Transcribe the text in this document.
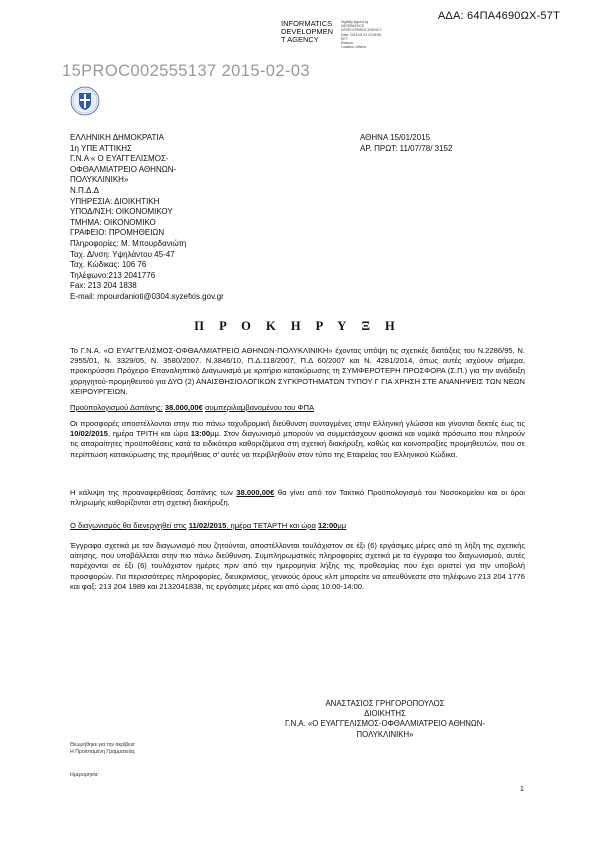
ΑΔΑ: 64ΠΑ4690ΩΧ-57Τ
INFORMATICS
DEVELOPMEN
T AGENCY
Digitally signed by
INFORMATICS
DEVELOPMENT AGENCY
Date: 2015.02.03 12:06:59
EET
Reason:
Location: Athens
15PROC002555137 2015-02-03
ΕΛΛΗΝΙΚΗ ΔΗΜΟΚΡΑΤΙΑ
1η ΥΠΕ ΑΤΤΙΚΗΣ
Γ.Ν.Α « Ο ΕΥΑΓΓΕΛΙΣΜΟΣ-
ΟΦΘΑΛΜΙΑΤΡΕΙΟ ΑΘΗΝΩΝ-
ΠΟΛΥΚΛΙΝΙΚΗ»
Ν.Π.Δ.Δ
ΥΠΗΡΕΣΙΑ: ΔΙΟΙΚΗΤΙΚΗ
ΥΠΟΔ/ΝΣΗ: ΟΙΚΟΝΟΜΙΚΟΥ
ΤΜΗΜΑ: ΟΙΚΟΝΟΜΙΚΟ
ΓΡΑΦΕΙΟ: ΠΡΟΜΗΘΕΙΩΝ
Πληροφορίες: Μ. Μπουρδανιώτη
Ταχ. Δ/νση: Υψηλάντου 45-47
Ταχ. Κώδικας: 106 76
Τηλέφωνο:213 2041776
Fax: 213 204 1838
E-mail: mpourdanioti@0304.syzefxis.gov.gr
ΑΘΗΝΑ 15/01/2015
ΑΡ. ΠΡΩΤ: 11/07/78/ 3152
Π Ρ Ο Κ Η Ρ Υ Ξ Η
Το Γ.Ν.Α. «Ο ΕΥΑΓΓΕΛΙΣΜΟΣ-ΟΦΘΑΛΜΙΑΤΡΕΙΟ ΑΘΗΝΩΝ-ΠΟΛΥΚΛΙΝΙΚΗ» έχοντας υπόψη τις σχετικές διατάξεις του Ν.2286/95, Ν. 2955/01, Ν. 3329/05, Ν. 3580/2007. Ν.3846/10, Π.Δ.118/2007, Π.Δ 60/2007 και Ν. 4281/2014, όπως αυτές ισχύουν σήμερα, προκηρύσσει Πρόχειρο Επαναληπτικό Διαγωνισμό με κριτήριο κατακύρωσης τη ΣΥΜΦΕΡΟΤΕΡΗ ΠΡΟΣΦΟΡΑ (Σ.Π.) για την ανάδειξη χορηγητού-προμηθευτού για ΔΥΟ (2) ΑΝΑΙΣΘΗΣΙΟΛΟΓΙΚΩΝ ΣΥΓΚΡΟΤΗΜΑΤΩΝ ΤΥΠΟΥ Γ ΓΙΑ ΧΡΗΣΗ ΣΤΕ ΑΝΑΝΗΨΕΙΣ ΤΩΝ ΝΕΩΝ ΧΕΙΡΟΥΡΓΕΙΩΝ.
Προϋπολογισμού Δαπάνης: 38.000,00€ συμπεριλαμβανομένου του ΦΠΑ
Οι προσφορές αποστέλλονται στην πιο πάνω ταχυδρομική διεύθυνση συνταγμένες στην Ελληνική γλώσσα και γίνονται δεκτές έως τις 10/02/2015, ημέρα ΤΡΙΤΗ και ώρα 13:00μμ. Στον διαγωνισμό μπορούν να συμμετάσχουν φυσικά και νομικά πρόσωπα που πληρούν τις απαραίτητες προϋποθέσεις κατά τα ειδικότερα καθοριζόμενα στη σχετική διακήρυξη, καθώς και κοινοπραξίες προμηθευτών, που σε περίπτωση κατακύρωσης της προμήθειας σ' αυτές να περιβληθούν στον τύπο της Εταιρείας του Ελληνικού Κώδικα.
Η κάλυψη της προαναφερθείσας δαπάνης των 38.000,00€ θα γίνει από τον Τακτικό Προϋπολογισμό του Νοσοκομείου και οι όροι πληρωμής καθορίζονται στη σχετική διακήρυξη.
Ο διαγωνισμός θα διενεργηθεί στις 11/02/2015, ημέρα ΤΕΤΑΡΤΗ και ώρα 12:00μμ
Έγγραφα σχετικά με τον διαγωνισμό που ζητούνται, αποστέλλονται τουλάχιστον σε έξι (6) εργάσιμες μέρες από τη λήξη της σχετικής αίτησης, που υποβάλλεται στην πιο πάνω διεύθυνση. Συμπληρωματικές πληροφορίες σχετικά με τα έγγραφα του διαγωνισμού, αυτές παρέχονται σε έξι (6) τουλάχιστον ημέρες πριν από την ημερομηνία λήξης της προθεσμίας που έχει οριστεί για την υποβολή προσφορών. Για περισσότερες πληροφορίες, διευκρινίσεις, γενικούς όρους κλπ μπορείτε να απευθύνεστε στο τηλέφωνο 213 204 1776 και φαξ: 213 204 1989 και 2132041838, τις εργάσιμες μέρες και από ώρας 10:00-14:00.
ΑΝΑΣΤΑΣΙΟΣ ΓΡΗΓΟΡΟΠΟΥΛΟΣ
ΔΙΟΙΚΗΤΗΣ
Γ.Ν.Α. «Ο ΕΥΑΓΓΕΛΙΣΜΟΣ-ΟΦΘΑΛΜΙΑΤΡΕΙΟ ΑΘΗΝΩΝ-
ΠΟΛΥΚΛΙΝΙΚΗ»
Θεωρήθηκε για την ακρίβεια
Η Προϊσταμένη Γραμματείας
Ημερομηνία:
1
